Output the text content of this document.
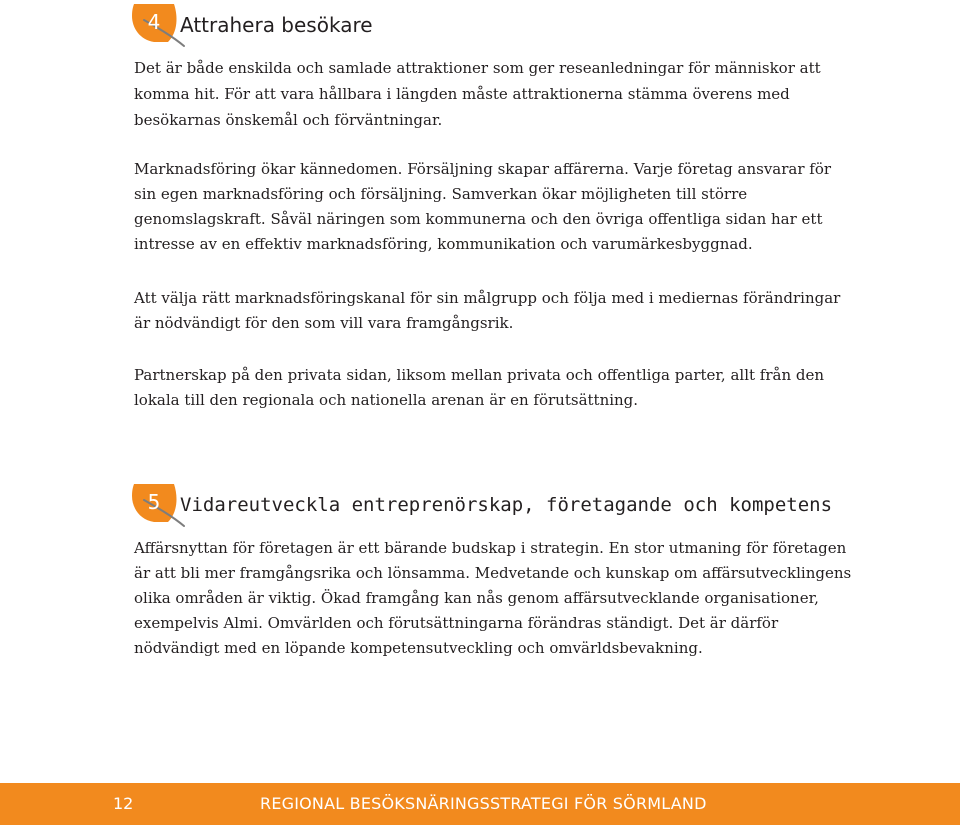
4 Attrahera besökare

Det är både enskilda och samlade attraktioner som ger reseanledningar för människor att komma hit. För att vara hållbara i längden måste attraktionerna stämma överens med besökarnas önskemål och förväntningar.

Marknadsföring ökar kännedomen. Försäljning skapar affärerna. Varje företag ansvarar för sin egen marknadsföring och försäljning. Samverkan ökar möjligheten till större genomslagskraft. Såväl näringen som kommunerna och den övriga offentliga sidan har ett intresse av en effektiv marknadsföring, kommunikation och varumärkesbyggnad.

Att välja rätt marknadsföringskanal för sin målgrupp och följa med i mediernas förändringar är nödvändigt för den som vill vara framgångsrik.

Partnerskap på den privata sidan, liksom mellan privata och offentliga parter, allt från den lokala till den regionala och nationella arenan är en förutsättning.

5	Vidareutveckla entreprenörskap, företagande och kompetens

Affärsnyttan för företagen är ett bärande budskap i strategin. En stor utmaning för företagen är att bli mer framgångsrika och lönsamma. Medvetande och kunskap om affärsutvecklingens olika områden är viktig. Ökad framgång kan nås genom affärsutvecklande organisationer, exempelvis Almi. Omvärlden och förutsättningarna förändras ständigt. Det är därför nödvändigt med en löpande kompetensutveckling och omvärldsbevakning.

12	REGIONAL BESÖKSNÄRINGSSTRATEGI FÖR SÖRMLAND
